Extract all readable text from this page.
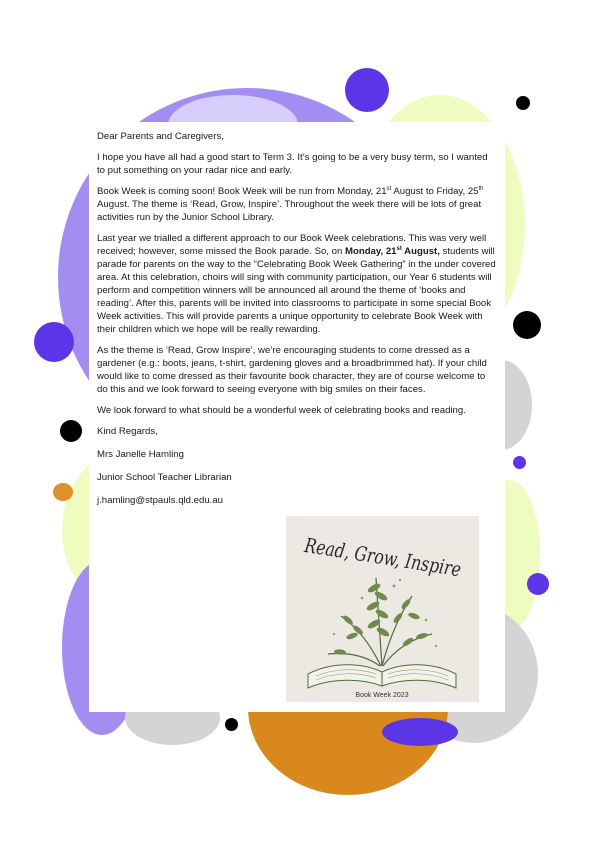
Dear Parents and Caregivers,

I hope you have all had a good start to Term 3. It’s going to be a very busy term, so I wanted to put something on your radar nice and early.

Book Week is coming soon! Book Week will be run from Monday, 21st August to Friday, 25th August. The theme is ‘Read, Grow, Inspire’. Throughout the week there will be lots of great activities run by the Junior School Library.

Last year we trialled a different approach to our Book Week celebrations. This was very well received; however, some missed the Book parade. So, on Monday, 21st August, students will parade for parents on the way to the “Celebrating Book Week Gathering” in the under covered area. At this celebration, choirs will sing with community participation, our Year 6 students will perform and competition winners will be announced all around the theme of ‘books and reading’. After this, parents will be invited into classrooms to participate in some special Book Week activities. This will provide parents a unique opportunity to celebrate Book Week with their children which we hope will be really rewarding.

As the theme is ‘Read, Grow Inspire’, we’re encouraging students to come dressed as a gardener (e.g.: boots, jeans, t-shirt, gardening gloves and a broadbrimmed hat). If your child would like to come dressed as their favourite book character, they are of course welcome to do this and we look forward to seeing everyone with big smiles on their faces.

We look forward to what should be a wonderful week of celebrating books and reading.

Kind Regards,

Mrs Janelle Hamling

Junior School Teacher Librarian

j.hamling@stpauls.qld.edu.au

Read, Grow, Inspire
Book Week 2023
